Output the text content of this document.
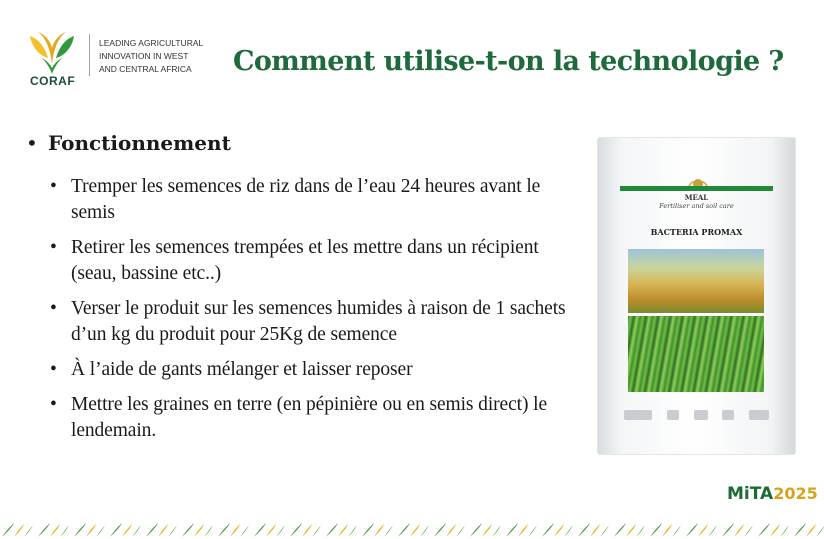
CORAF
LEADING AGRICULTURAL
INNOVATION IN WEST
AND CENTRAL AFRICA	Comment utilise-t-on la technologie ?
• Fonctionnement
• Tremper les semences de riz dans de l’eau 24 heures avant le semis
• Retirer les semences trempées et les mettre dans un récipient (seau, bassine etc..)
• Verser le produit sur les semences humides à raison de 1 sachets d’un kg du produit pour 25Kg de semence
• À l’aide de gants mélanger et laisser reposer
• Mettre les graines en terre (en pépinière ou en semis direct) le lendemain.
MEAL
Fertiliser and soil care
BACTERIA PROMAX
MiTA2025
